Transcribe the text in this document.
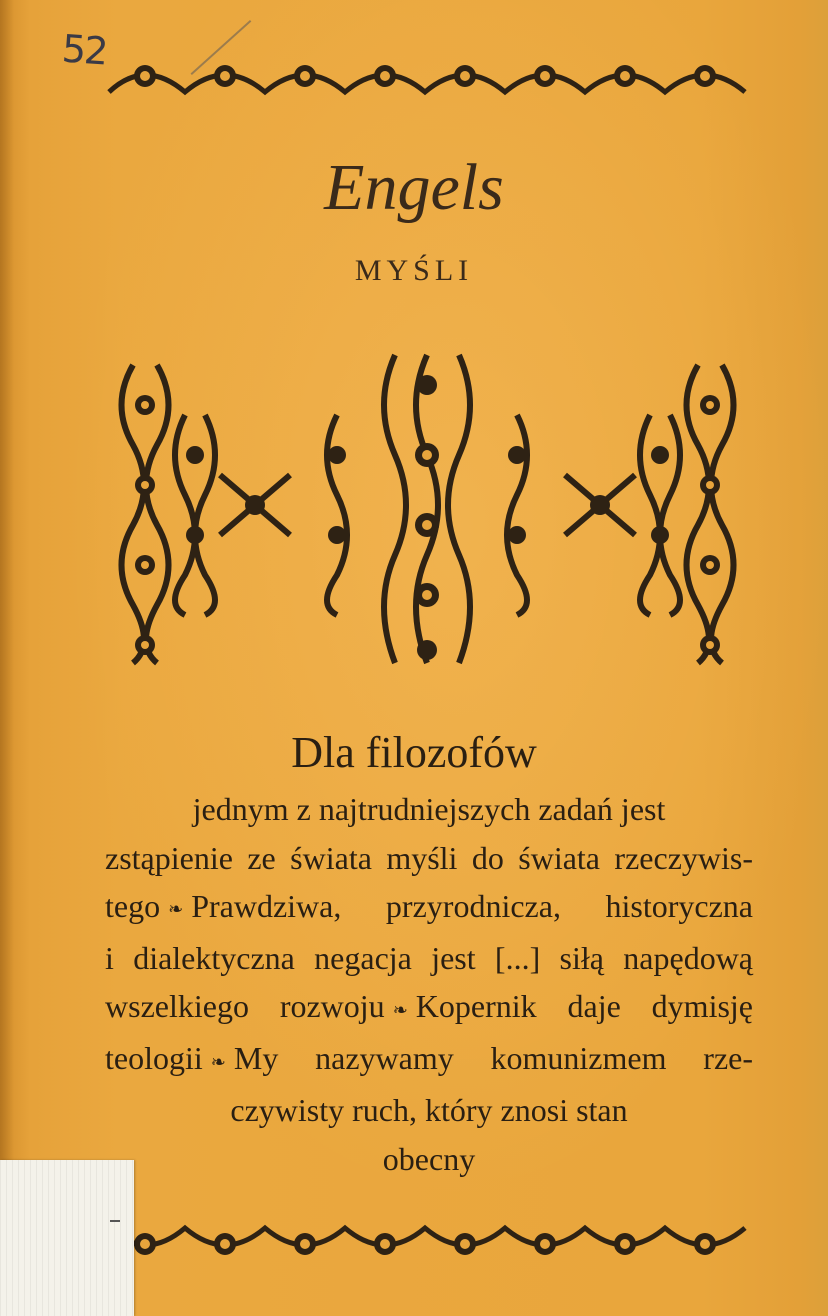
52
Engels
MYŚLI
Dla filozofów
jednym z najtrudniejszych zadań jest
zstąpienie ze świata myśli do świata rzeczywis-
tego ❧ Prawdziwa, przyrodnicza, historyczna
i dialektyczna negacja jest [...] siłą napędową
wszelkiego rozwoju ❧ Kopernik daje dymisję
teologii ❧ My nazywamy komunizmem rze-
czywisty ruch, który znosi stan
obecny
